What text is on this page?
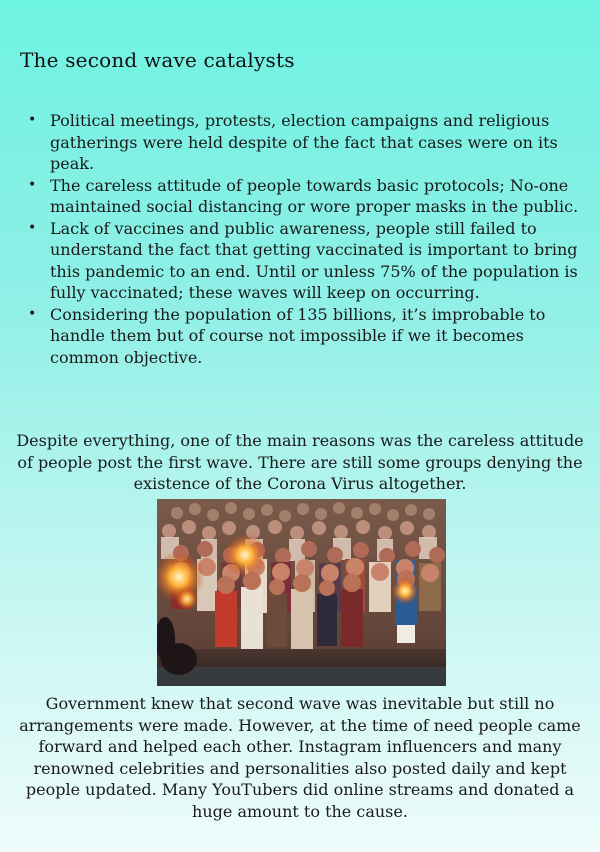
The second wave catalysts
• Political meetings, protests, election campaigns and religious gatherings were held despite of the fact that cases were on its peak.
• The careless attitude of people towards basic protocols; No-one maintained social distancing or wore proper masks in the public.
• Lack of vaccines and public awareness, people still failed to understand the fact that getting vaccinated is important to bring this pandemic to an end. Until or unless 75% of the population is fully vaccinated; these waves will keep on occurring.
• Considering the population of 135 billions, it’s improbable to handle them but of course not impossible if we it becomes common objective.

Despite everything, one of the main reasons was the careless attitude of people post the first wave. There are still some groups denying the existence of the Corona Virus altogether.

Government knew that second wave was inevitable but still no arrangements were made. However, at the time of need people came forward and helped each other. Instagram influencers and many renowned celebrities and personalities also posted daily and kept people updated. Many YouTubers did online streams and donated a huge amount to the cause.
